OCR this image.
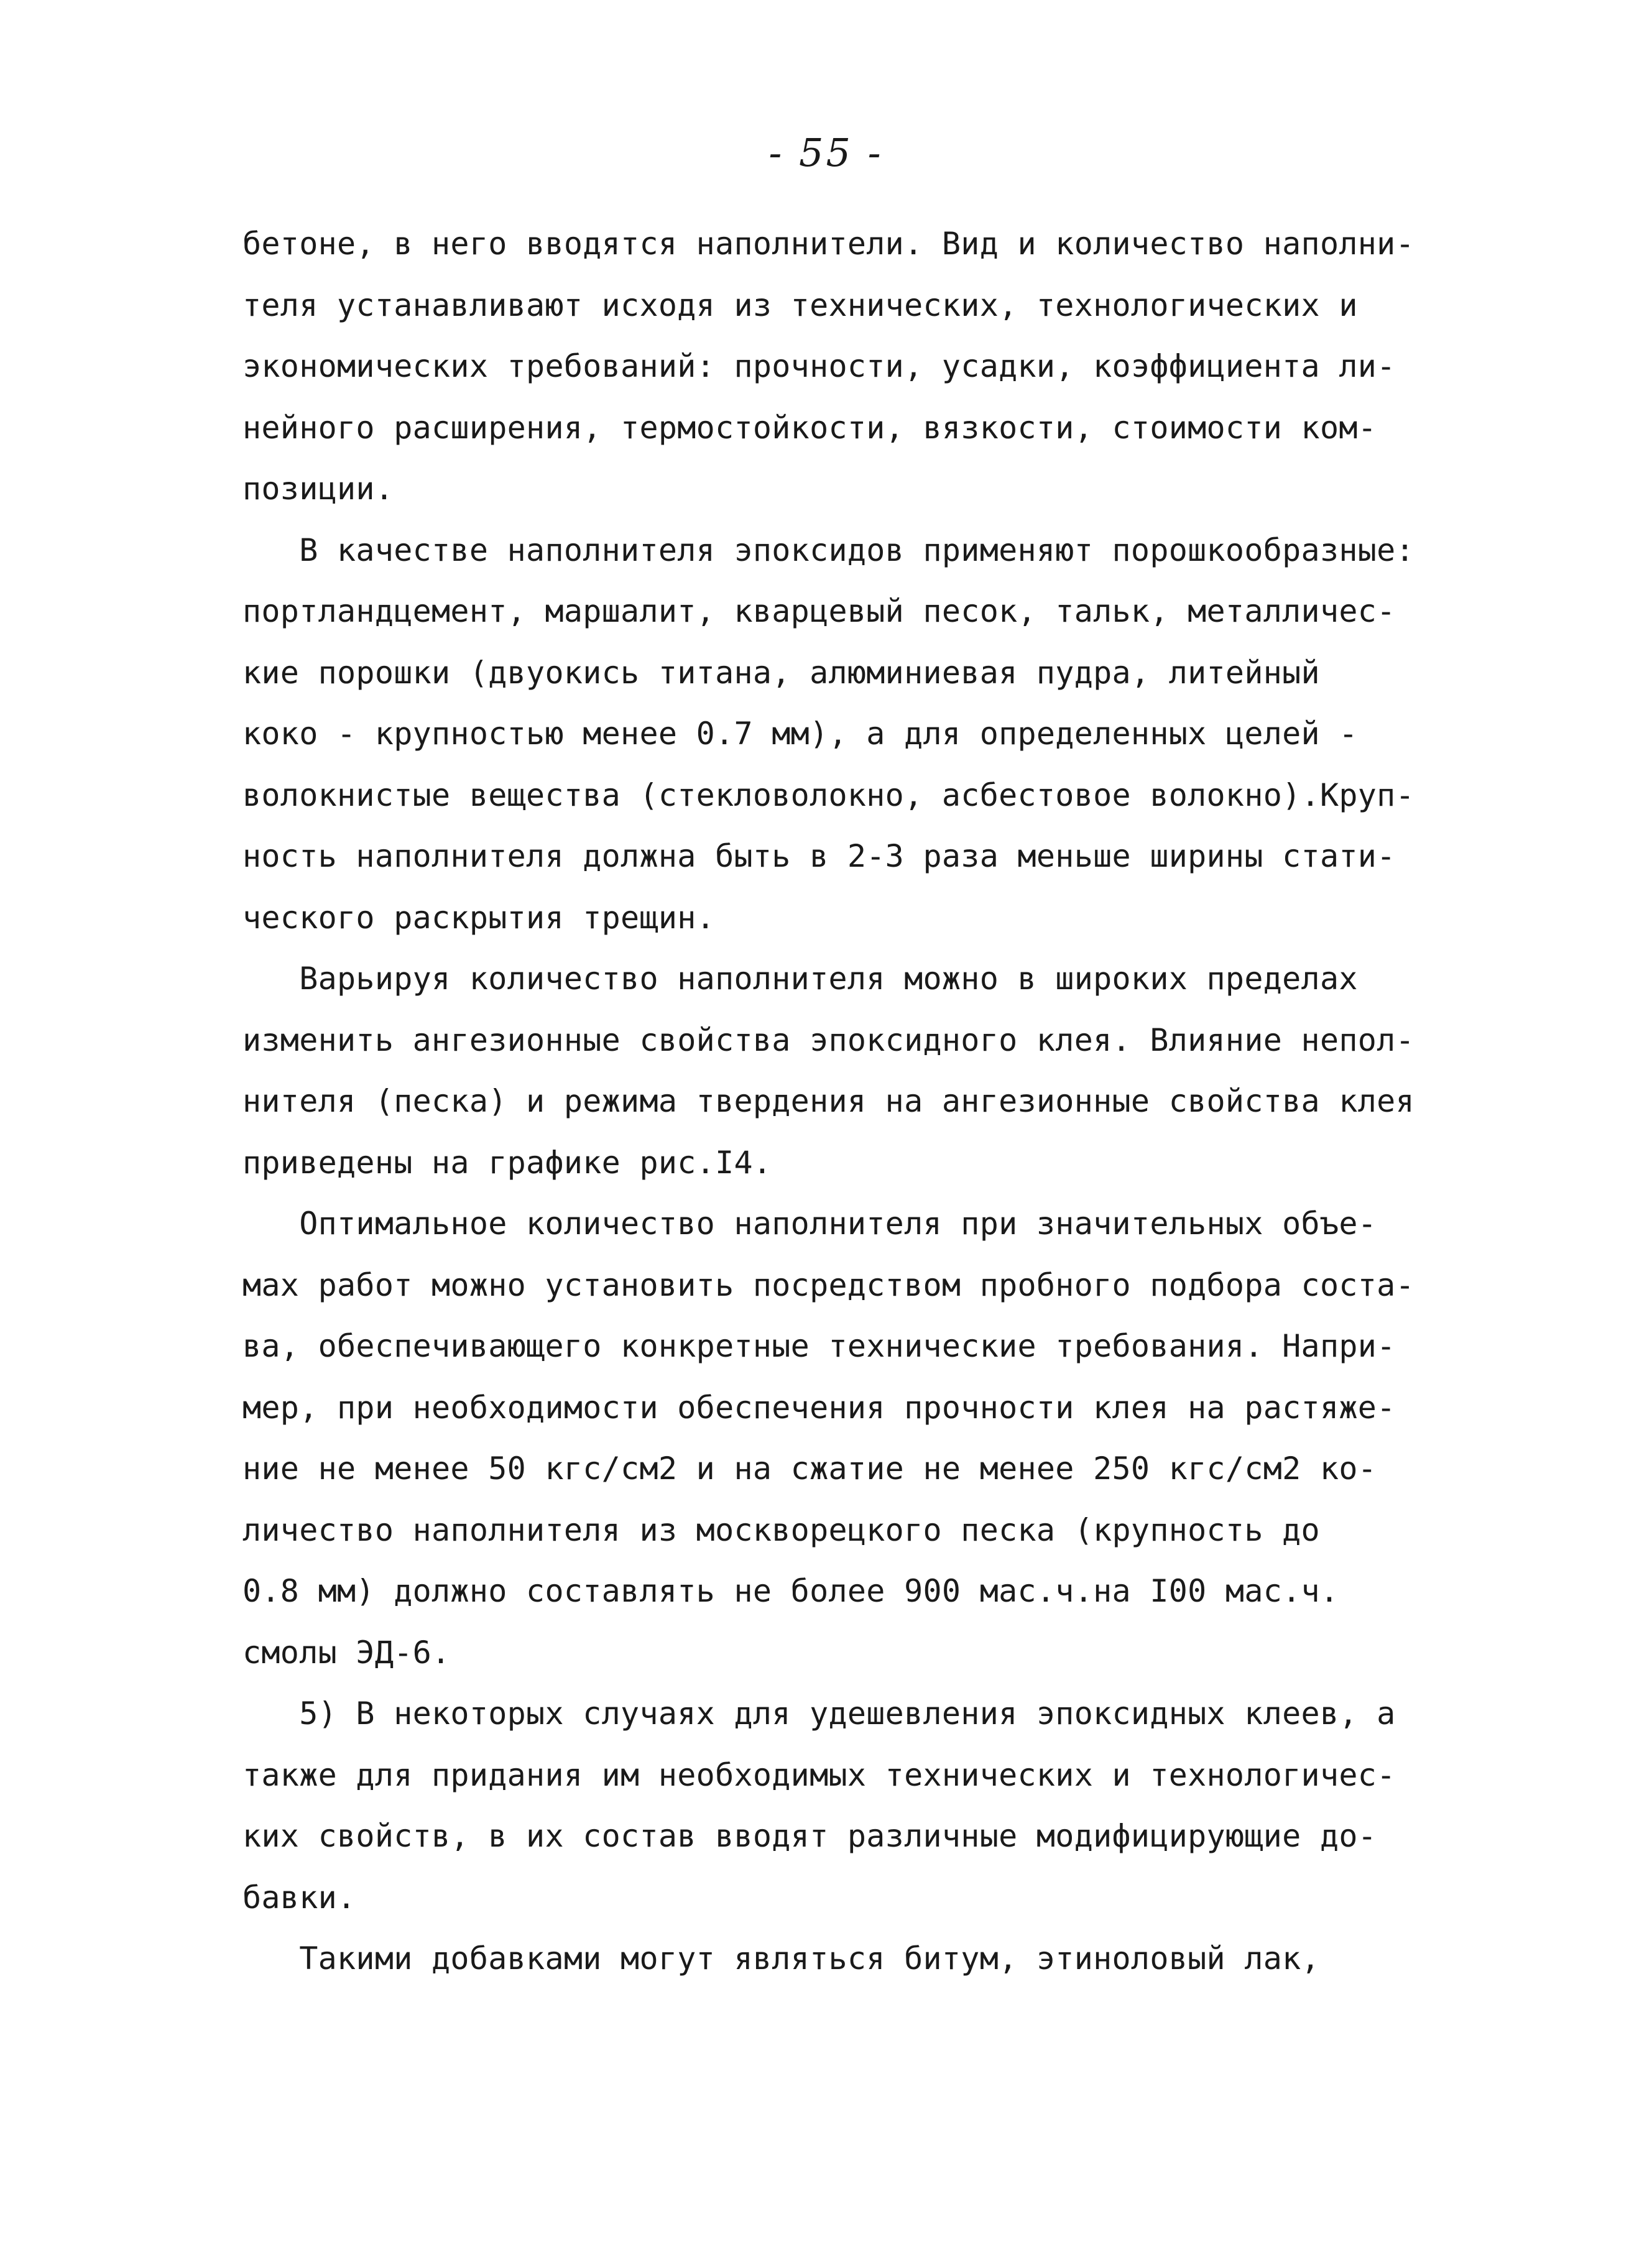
- 55 -
бетоне, в него вводятся наполнители. Вид и количество наполни-
теля устанавливают исходя из технических, технологических и
экономических требований: прочности, усадки, коэффициента ли-
нейного расширения, термостойкости, вязкости, стоимости ком-
позиции.
В качестве наполнителя эпоксидов применяют порошкообразные:
портландцемент, маршалит, кварцевый песок, тальк, металличес-
кие порошки (двуокись титана, алюминиевая пудра, литейный
коко - крупностью менее 0.7 мм), а для определенных целей -
волокнистые вещества (стекловолокно, асбестовое волокно).Круп-
ность наполнителя должна быть в 2-3 раза меньше ширины стати-
ческого раскрытия трещин.
Варьируя количество наполнителя можно в широких пределах
изменить ангезионные свойства эпоксидного клея. Влияние непол-
нителя (песка) и режима твердения на ангезионные свойства клея
приведены на графике рис.I4.
Оптимальное количество наполнителя при значительных объе-
мах работ можно установить посредством пробного подбора соста-
ва, обеспечивающего конкретные технические требования. Напри-
мер, при необходимости обеспечения прочности клея на растяже-
ние не менее 50 кгс/см2 и на сжатие не менее 250 кгс/см2 ко-
личество наполнителя из москворецкого песка (крупность до
0.8 мм) должно составлять не более 900 мас.ч.на I00 мас.ч.
смолы ЭД-6.
5) В некоторых случаях для удешевления эпоксидных клеев, а
также для придания им необходимых технических и технологичес-
ких свойств, в их состав вводят различные модифицирующие до-
бавки.
Такими добавками могут являться битум, этиноловый лак,
